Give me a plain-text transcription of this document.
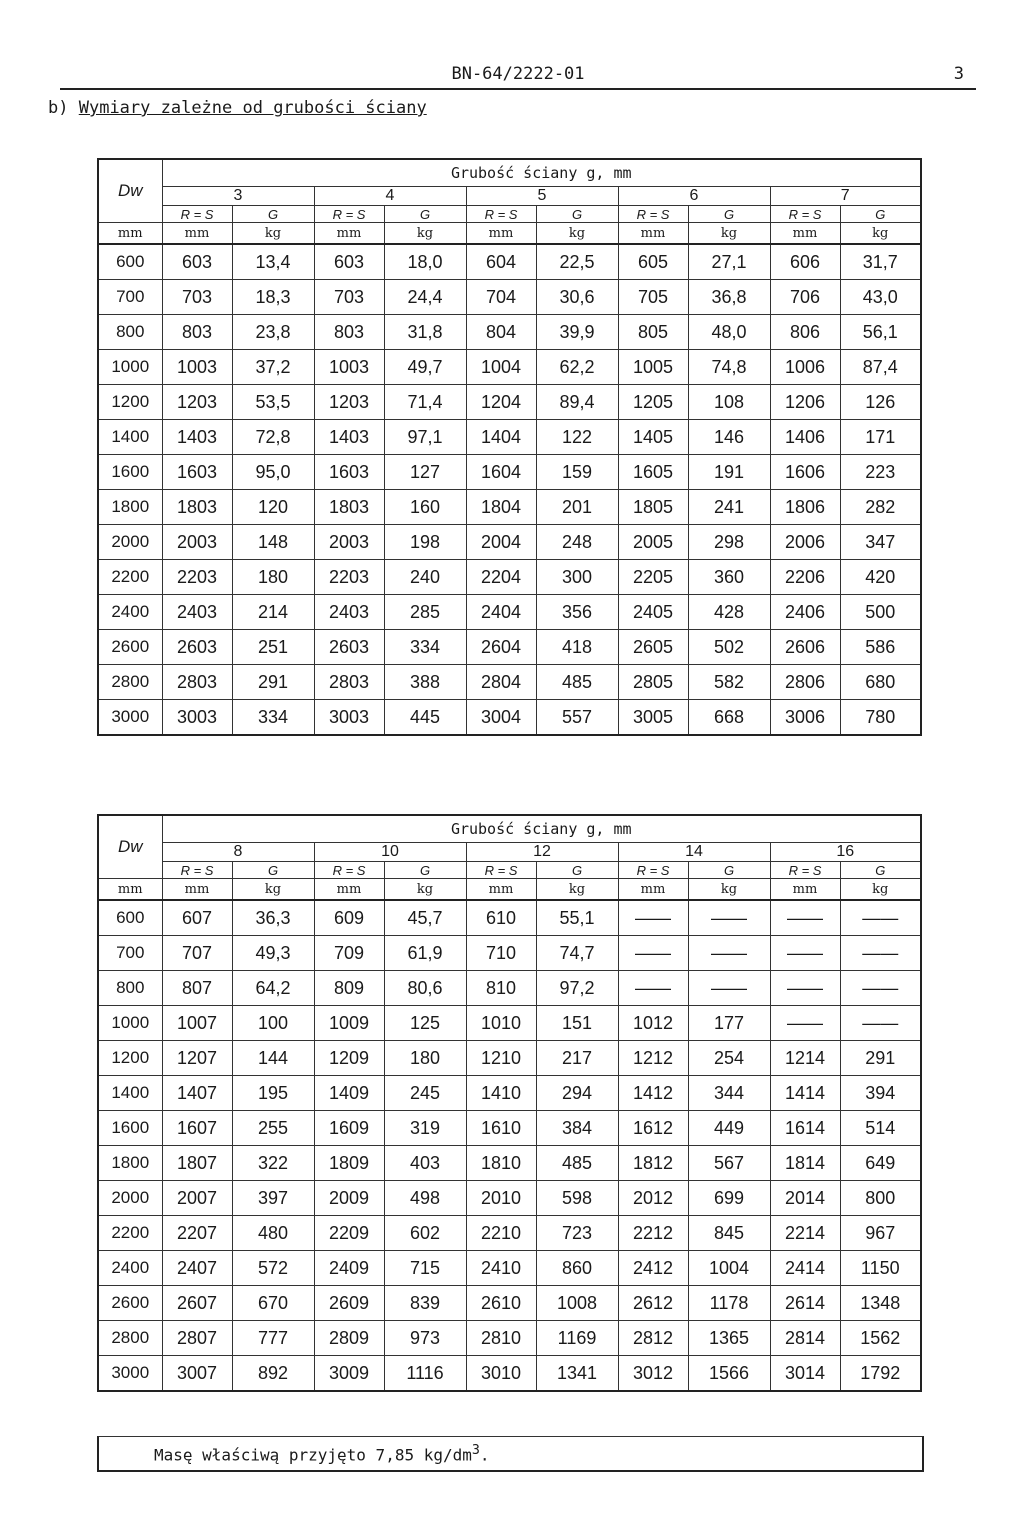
BN-64/2222-01	3
b) Wymiary zależne od grubości ściany
Dw	Grubość ściany g, mm									
	3		4		5		6		7	
	R = S	G	R = S	G	R = S	G	R = S	G	R = S	G
mm	mm	kg	mm	kg	mm	kg	mm	kg	mm	kg
600	603	13,4	603	18,0	604	22,5	605	27,1	606	31,7
700	703	18,3	703	24,4	704	30,6	705	36,8	706	43,0
800	803	23,8	803	31,8	804	39,9	805	48,0	806	56,1
1000	1003	37,2	1003	49,7	1004	62,2	1005	74,8	1006	87,4
1200	1203	53,5	1203	71,4	1204	89,4	1205	108	1206	126
1400	1403	72,8	1403	97,1	1404	122	1405	146	1406	171
1600	1603	95,0	1603	127	1604	159	1605	191	1606	223
1800	1803	120	1803	160	1804	201	1805	241	1806	282
2000	2003	148	2003	198	2004	248	2005	298	2006	347
2200	2203	180	2203	240	2204	300	2205	360	2206	420
2400	2403	214	2403	285	2404	356	2405	428	2406	500
2600	2603	251	2603	334	2604	418	2605	502	2606	586
2800	2803	291	2803	388	2804	485	2805	582	2806	680
3000	3003	334	3003	445	3004	557	3005	668	3006	780
Dw	Grubość ściany g, mm									
	8		10		12		14		16	
	R = S	G	R = S	G	R = S	G	R = S	G	R = S	G
mm	mm	kg	mm	kg	mm	kg	mm	kg	mm	kg
600	607	36,3	609	45,7	610	55,1	——	——	——	——
700	707	49,3	709	61,9	710	74,7	——	——	——	——
800	807	64,2	809	80,6	810	97,2	——	——	——	——
1000	1007	100	1009	125	1010	151	1012	177	——	——
1200	1207	144	1209	180	1210	217	1212	254	1214	291
1400	1407	195	1409	245	1410	294	1412	344	1414	394
1600	1607	255	1609	319	1610	384	1612	449	1614	514
1800	1807	322	1809	403	1810	485	1812	567	1814	649
2000	2007	397	2009	498	2010	598	2012	699	2014	800
2200	2207	480	2209	602	2210	723	2212	845	2214	967
2400	2407	572	2409	715	2410	860	2412	1004	2414	1150
2600	2607	670	2609	839	2610	1008	2612	1178	2614	1348
2800	2807	777	2809	973	2810	1169	2812	1365	2814	1562
3000	3007	892	3009	1116	3010	1341	3012	1566	3014	1792
Masę właściwą przyjęto 7,85 $kg/dm^3$.
